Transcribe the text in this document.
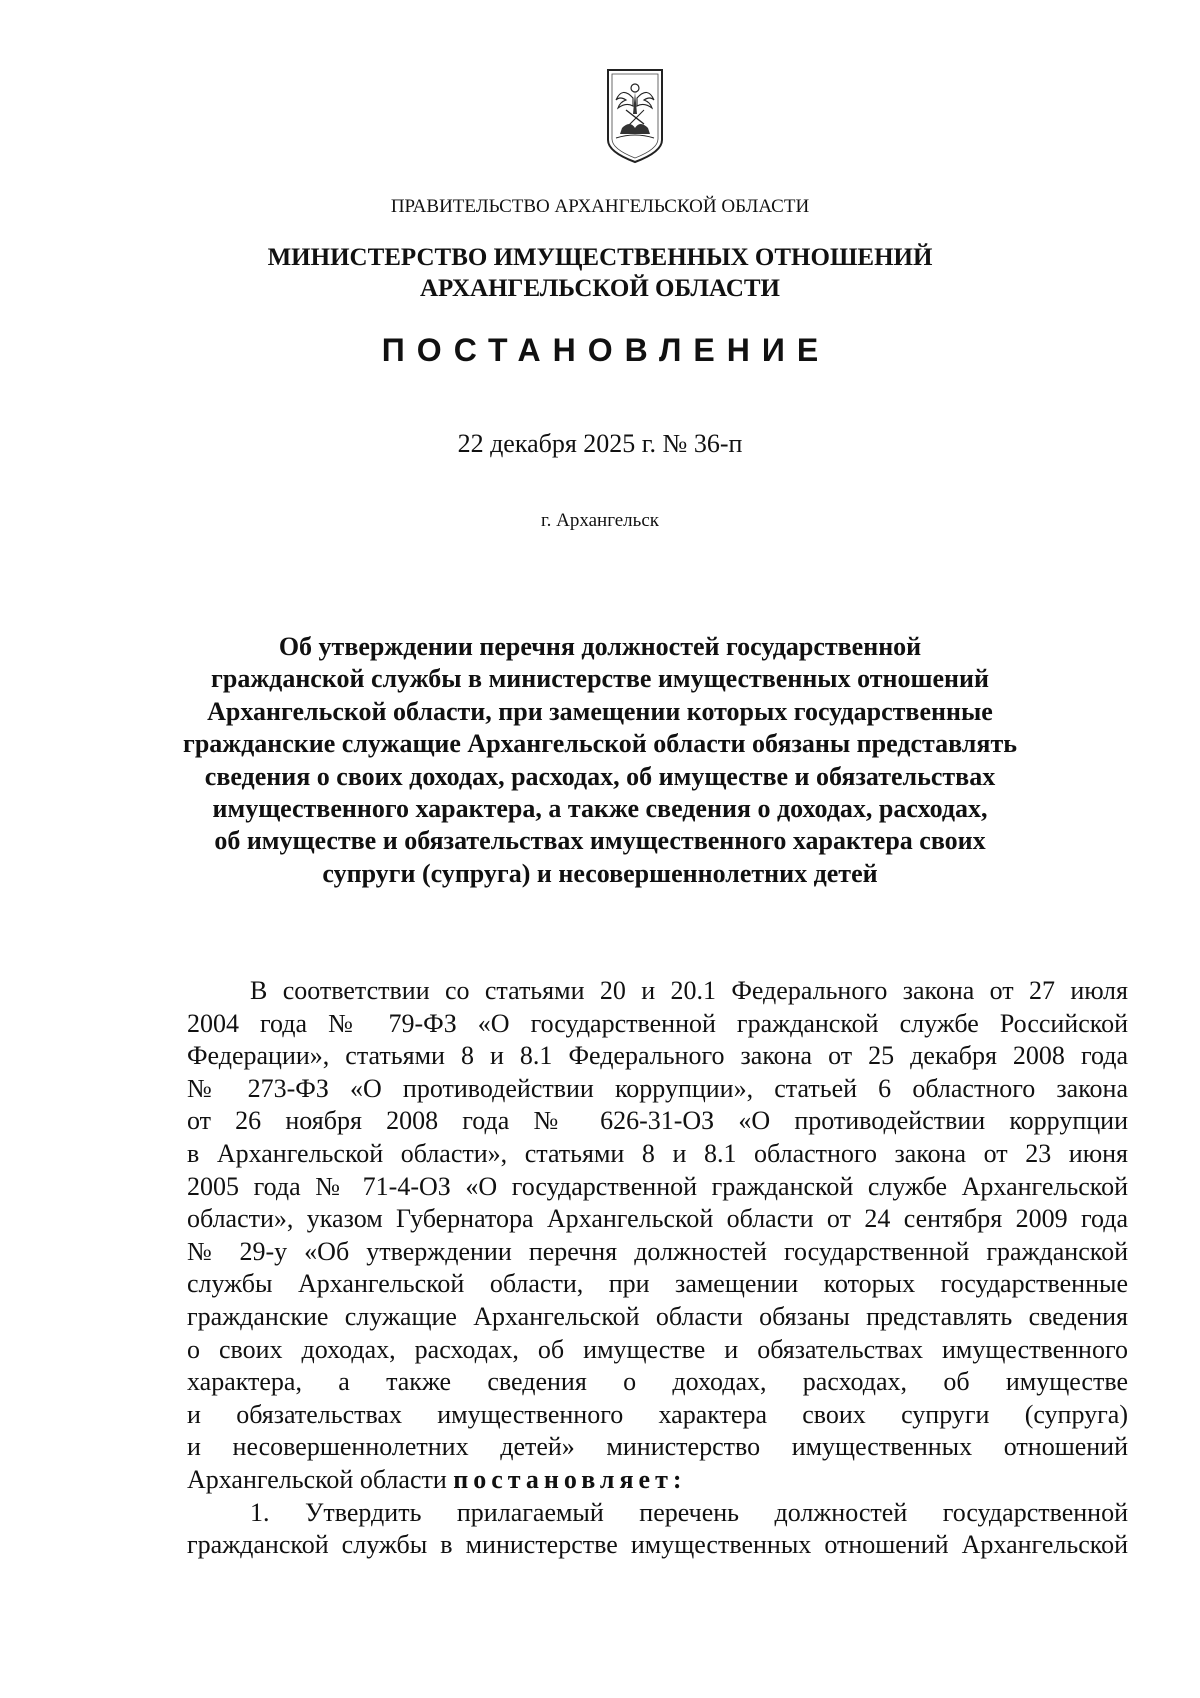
ПРАВИТЕЛЬСТВО АРХАНГЕЛЬСКОЙ ОБЛАСТИ
МИНИСТЕРСТВО ИМУЩЕСТВЕННЫХ ОТНОШЕНИЙ
АРХАНГЕЛЬСКОЙ ОБЛАСТИ
ПОСТАНОВЛЕНИЕ
22 декабря 2025 г. № 36-п
г. Архангельск
Об утверждении перечня должностей государственной
гражданской службы в министерстве имущественных отношений
Архангельской области, при замещении которых государственные
гражданские служащие Архангельской области обязаны представлять
сведения о своих доходах, расходах, об имуществе и обязательствах
имущественного характера, а также сведения о доходах, расходах,
об имуществе и обязательствах имущественного характера своих
супруги (супруга) и несовершеннолетних детей
В соответствии со статьями 20 и 20.1 Федерального закона от 27 июля
2004 года № 79-ФЗ «О государственной гражданской службе Российской
Федерации», статьями 8 и 8.1 Федерального закона от 25 декабря 2008 года
№ 273-ФЗ «О противодействии коррупции», статьей 6 областного закона
от 26 ноября 2008 года № 626-31-ОЗ «О противодействии коррупции
в Архангельской области», статьями 8 и 8.1 областного закона от 23 июня
2005 года № 71-4-ОЗ «О государственной гражданской службе Архангельской
области», указом Губернатора Архангельской области от 24 сентября 2009 года
№ 29-у «Об утверждении перечня должностей государственной гражданской
службы Архангельской области, при замещении которых государственные
гражданские служащие Архангельской области обязаны представлять сведения
о своих доходах, расходах, об имуществе и обязательствах имущественного
характера, а также сведения о доходах, расходах, об имуществе
и обязательствах имущественного характера своих супруги (супруга)
и несовершеннолетних детей» министерство имущественных отношений
Архангельской области постановляет:
1. Утвердить прилагаемый перечень должностей государственной
гражданской службы в министерстве имущественных отношений Архангельской
